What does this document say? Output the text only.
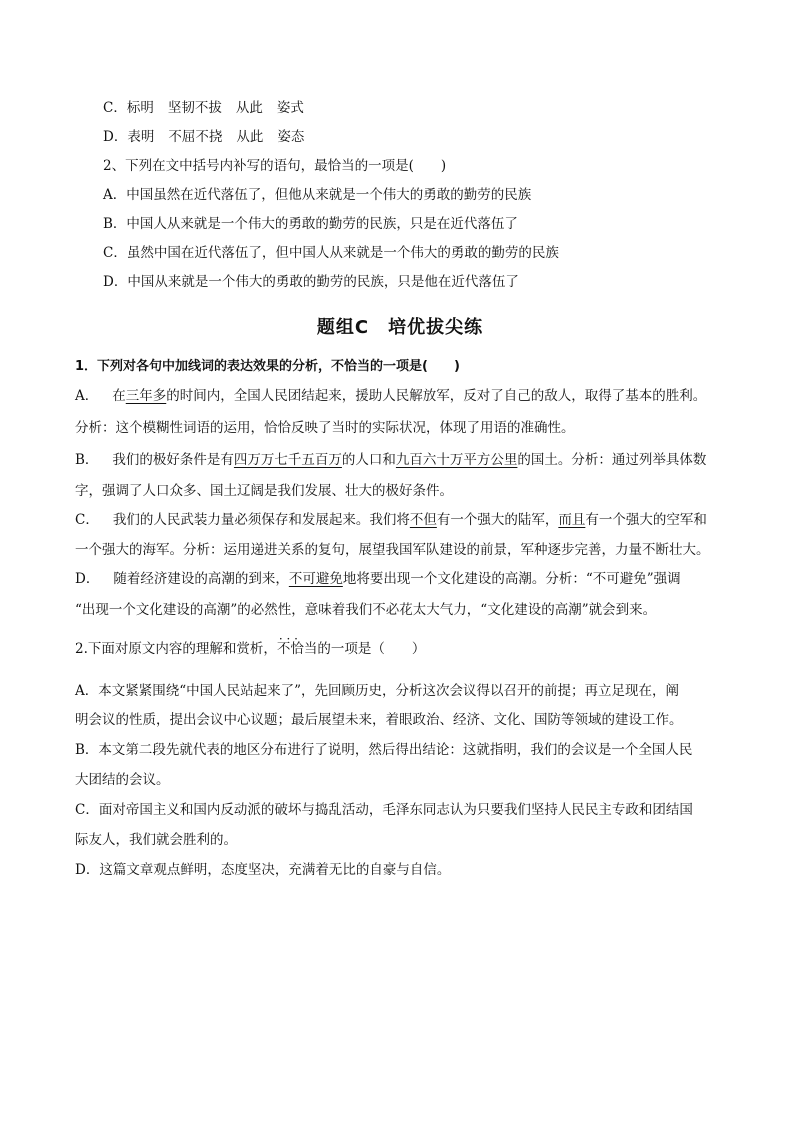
C．标明 坚韧不拔 从此 姿式
D．表明 不屈不挠 从此 姿态
2、下列在文中括号内补写的语句，最恰当的一项是(　　)
A．中国虽然在近代落伍了，但他从来就是一个伟大的勇敢的勤劳的民族
B．中国人从来就是一个伟大的勇敢的勤劳的民族，只是在近代落伍了
C．虽然中国在近代落伍了，但中国人从来就是一个伟大的勇敢的勤劳的民族
D．中国从来就是一个伟大的勇敢的勤劳的民族，只是他在近代落伍了
题组C　培优拔尖练
1．下列对各句中加线词的表达效果的分析，不恰当的一项是(　　)
A． 在三年多的时间内，全国人民团结起来，援助人民解放军，反对了自己的敌人，取得了基本的胜利。
分析：这个模糊性词语的运用，恰恰反映了当时的实际状况，体现了用语的准确性。
B． 我们的极好条件是有四万万七千五百万的人口和九百六十万平方公里的国土。分析：通过列举具体数
字，强调了人口众多、国土辽阔是我们发展、壮大的极好条件。
C． 我们的人民武装力量必须保存和发展起来。我们将不但有一个强大的陆军，而且有一个强大的空军和
一个强大的海军。分析：运用递进关系的复句，展望我国军队建设的前景，军种逐步完善，力量不断壮大。
D． 随着经济建设的高潮的到来，不可避免地将要出现一个文化建设的高潮。分析：“不可避免”强调
“出现一个文化建设的高潮”的必然性，意味着我们不必花太大气力，“文化建设的高潮”就会到来。
2.下面对原文内容的理解和赏析，· · · 不恰当的一项是（　　）
A．本文紧紧围绕“中国人民站起来了”，先回顾历史，分析这次会议得以召开的前提；再立足现在，阐
明会议的性质，提出会议中心议题；最后展望未来，着眼政治、经济、文化、国防等领域的建设工作。
B．本文第二段先就代表的地区分布进行了说明，然后得出结论：这就指明，我们的会议是一个全国人民
大团结的会议。
C．面对帝国主义和国内反动派的破坏与捣乱活动，毛泽东同志认为只要我们坚持人民民主专政和团结国
际友人，我们就会胜利的。
D．这篇文章观点鲜明，态度坚决，充满着无比的自豪与自信。
